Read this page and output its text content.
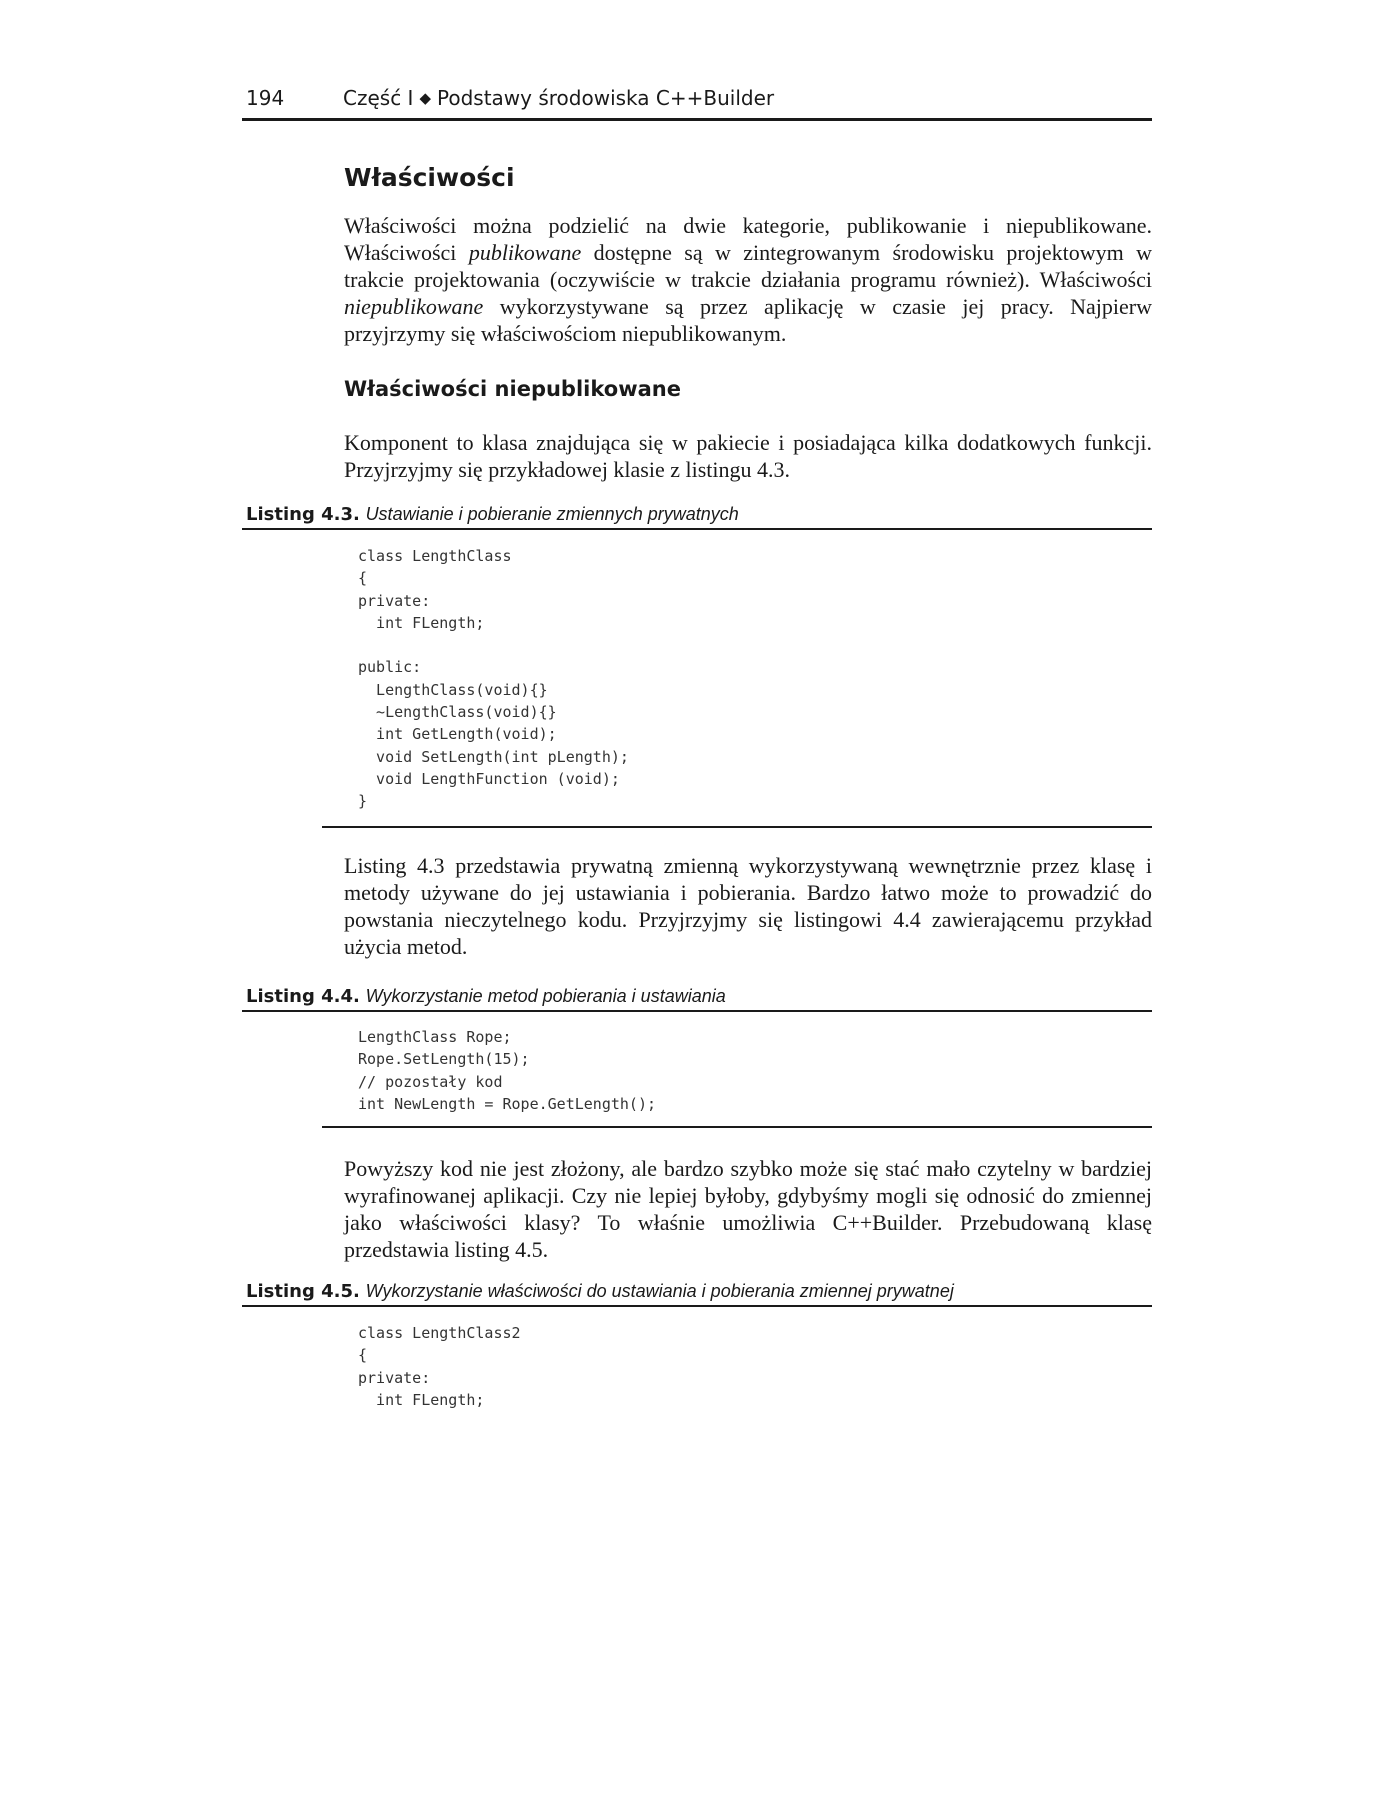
194	Część I ◆ Podstawy środowiska C++Builder
Właściwości

Właściwości można podzielić na dwie kategorie, publikowanie i niepublikowane. Właściwości publikowane dostępne są w zintegrowanym środowisku projektowym w trakcie projektowania (oczywiście w trakcie działania programu również). Właściwości niepublikowane wykorzystywane są przez aplikację w czasie jej pracy. Najpierw przyjrzymy się właściwościom niepublikowanym.

Właściwości niepublikowane

Komponent to klasa znajdująca się w pakiecie i posiadająca kilka dodatkowych funkcji. Przyjrzyjmy się przykładowej klasie z listingu 4.3.

Listing 4.3. Ustawianie i pobieranie zmiennych prywatnych
class LengthClass
{
private:
int FLength;

public:
LengthClass(void){}
~LengthClass(void){}
int GetLength(void);
void SetLength(int pLength);
void LengthFunction (void);
}

Listing 4.3 przedstawia prywatną zmienną wykorzystywaną wewnętrznie przez klasę i metody używane do jej ustawiania i pobierania. Bardzo łatwo może to prowadzić do powstania nieczytelnego kodu. Przyjrzyjmy się listingowi 4.4 zawierającemu przykład użycia metod.

Listing 4.4. Wykorzystanie metod pobierania i ustawiania
LengthClass Rope;
Rope.SetLength(15);
// pozostały kod
int NewLength = Rope.GetLength();

Powyższy kod nie jest złożony, ale bardzo szybko może się stać mało czytelny w bardziej wyrafinowanej aplikacji. Czy nie lepiej byłoby, gdybyśmy mogli się odnosić do zmiennej jako właściwości klasy? To właśnie umożliwia C++Builder. Przebudowaną klasę przedstawia listing 4.5.

Listing 4.5. Wykorzystanie właściwości do ustawiania i pobierania zmiennej prywatnej
class LengthClass2
{
private:
int FLength;
